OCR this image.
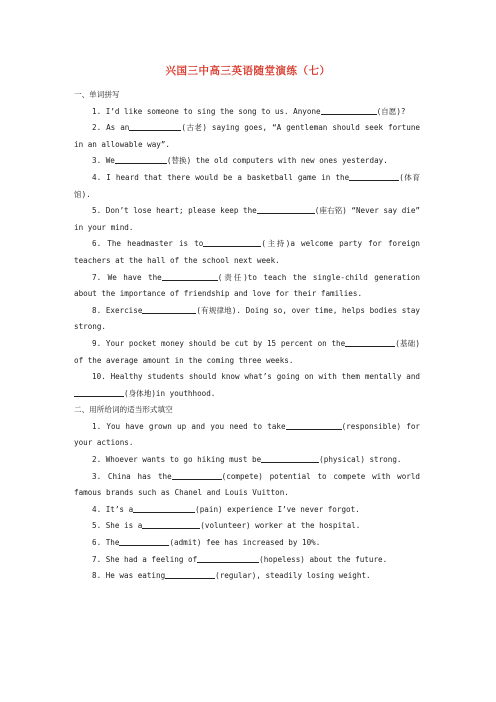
兴国三中高三英语随堂演练（七）
一、单词拼写
1. I’d like someone to sing the song to us. Anyone	(自愿)?
2. As an	(古老) saying goes, “A gentleman should seek fortune in an allowable way”.
3. We	(替换) the old computers with new ones yesterday.
4. I heard that there would be a basketball game in the	(体育馆).
5. Don’t lose heart; please keep the	(座右铭) “Never say die” in your mind.
6. The headmaster is to	(主持)a welcome party for foreign teachers at the hall of the school next week.
7. We have the	(责任)to teach the single-child generation about the importance of friendship and love for their families.
8. Exercise	(有规律地). Doing so, over time, helps bodies stay strong.
9. Your pocket money should be cut by 15 percent on the	(基础) of the average amount in the coming three weeks.
10. Healthy students should know what’s going on with them mentally and(身体地)in youthhood.
二、用所给词的适当形式填空
1. You have grown up and you need to take	(responsible) for your actions.
2. Whoever wants to go hiking must be	(physical) strong.
3. China has the	(compete) potential to compete with world famous brands such as Chanel and Louis Vuitton.
4. It’s a	(pain) experience I’ve never forgot.
5. She is a	(volunteer) worker at the hospital.
6. The	(admit) fee has increased by 10%.
7. She had a feeling of	(hopeless) about the future.
8. He was eating	(regular), steadily losing weight.
